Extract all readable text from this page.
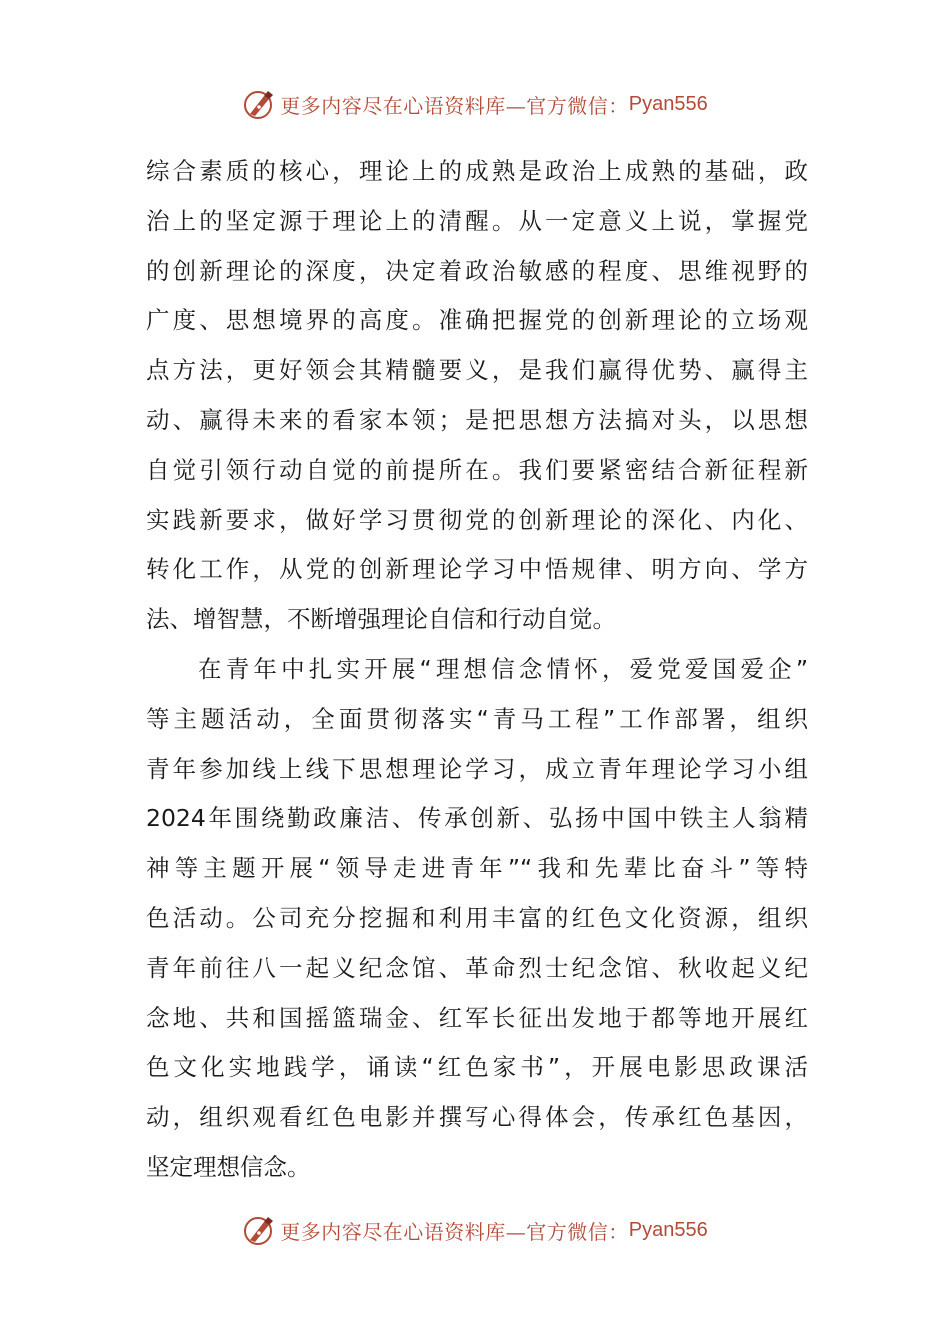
更多内容尽在心语资料库—官方微信： Pyan556
综合素质的核心，理论上的成熟是政治上成熟的基础，政
治上的坚定源于理论上的清醒。从一定意义上说，掌握党
的创新理论的深度，决定着政治敏感的程度、思维视野的
广度、思想境界的高度。准确把握党的创新理论的立场观
点方法，更好领会其精髓要义，是我们赢得优势、赢得主
动、赢得未来的看家本领；是把思想方法搞对头，以思想
自觉引领行动自觉的前提所在。我们要紧密结合新征程新
实践新要求，做好学习贯彻党的创新理论的深化、内化、
转化工作，从党的创新理论学习中悟规律、明方向、学方
法、增智慧，不断增强理论自信和行动自觉。
在青年中扎实开展“理想信念情怀，爱党爱国爱企”
等主题活动，全面贯彻落实“青马工程”工作部署，组织
青年参加线上线下思想理论学习，成立青年理论学习小组
2024年围绕勤政廉洁、传承创新、弘扬中国中铁主人翁精
神等主题开展“领导走进青年”“我和先辈比奋斗”等特
色活动。公司充分挖掘和利用丰富的红色文化资源，组织
青年前往八一起义纪念馆、革命烈士纪念馆、秋收起义纪
念地、共和国摇篮瑞金、红军长征出发地于都等地开展红
色文化实地践学，诵读“红色家书”，开展电影思政课活
动，组织观看红色电影并撰写心得体会，传承红色基因，
坚定理想信念。
更多内容尽在心语资料库—官方微信： Pyan556
